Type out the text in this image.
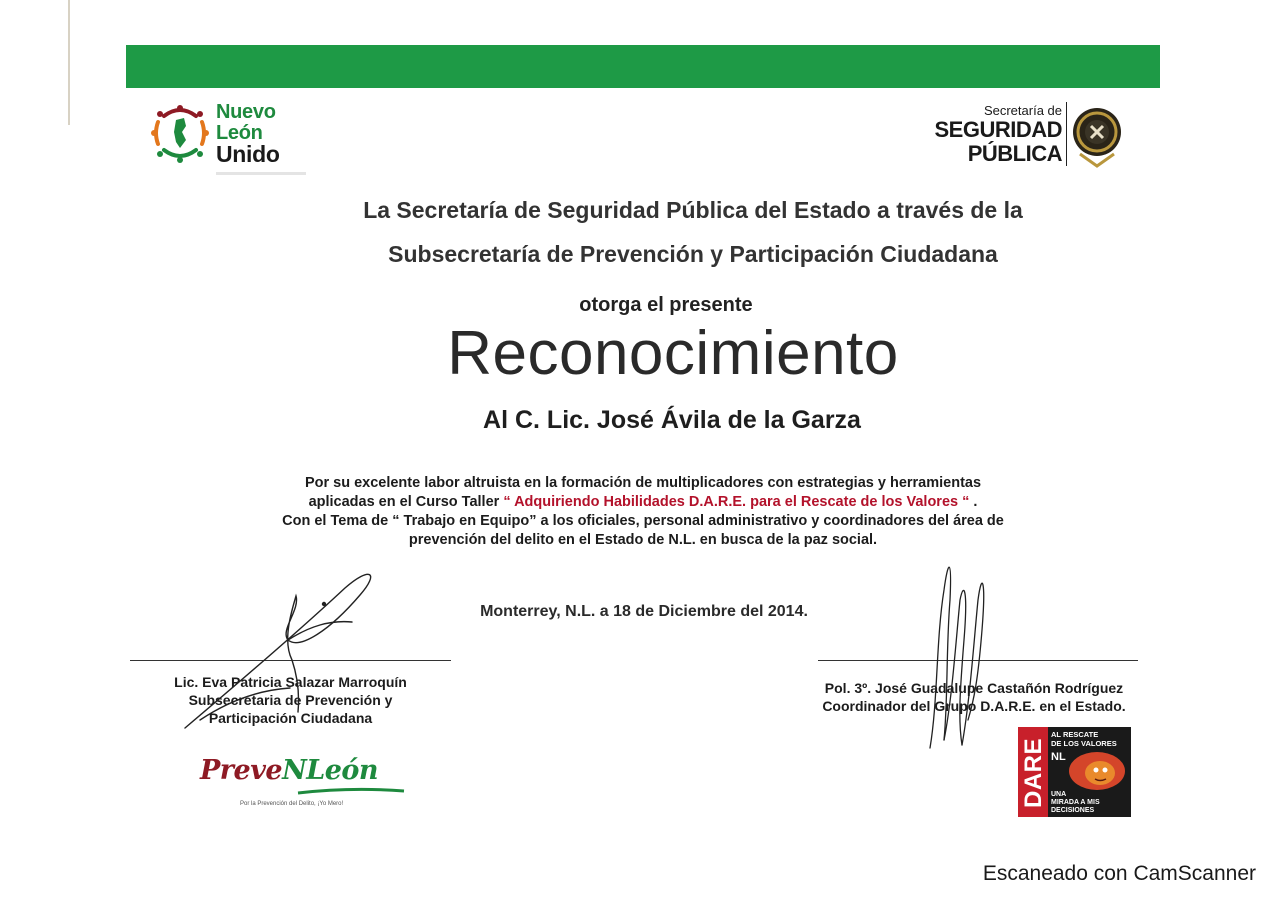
Nuevo
León
Unido
Secretaría de
SEGURIDAD
PÚBLICA
La Secretaría de Seguridad Pública del Estado a través de la
Subsecretaría de Prevención y Participación Ciudadana
otorga el presente
Reconocimiento
Al C. Lic. José Ávila de la Garza
Por su excelente labor altruista en la formación de multiplicadores con estrategias y herramientas
aplicadas en el Curso Taller “ Adquiriendo Habilidades D.A.R.E. para el Rescate de los Valores “ .
Con el Tema de “ Trabajo en Equipo” a los oficiales, personal administrativo y coordinadores del área de
prevención del delito en el Estado de N.L. en busca de la paz social.
Monterrey, N.L. a 18 de Diciembre del 2014.
Lic. Eva Patricia Salazar Marroquín
Subsecretaria de Prevención y
Participación Ciudadana
Pol. 3º. José Guadalupe Castañón Rodríguez
Coordinador del Grupo D.A.R.E. en el Estado.
PreveNLeón
Por la Prevención del Delito, ¡Yo Mero!	DARE
AL RESCATE
DE LOS VALORES
NL
UNA
MIRADA A MIS
DECISIONES
Escaneado con CamScanner
